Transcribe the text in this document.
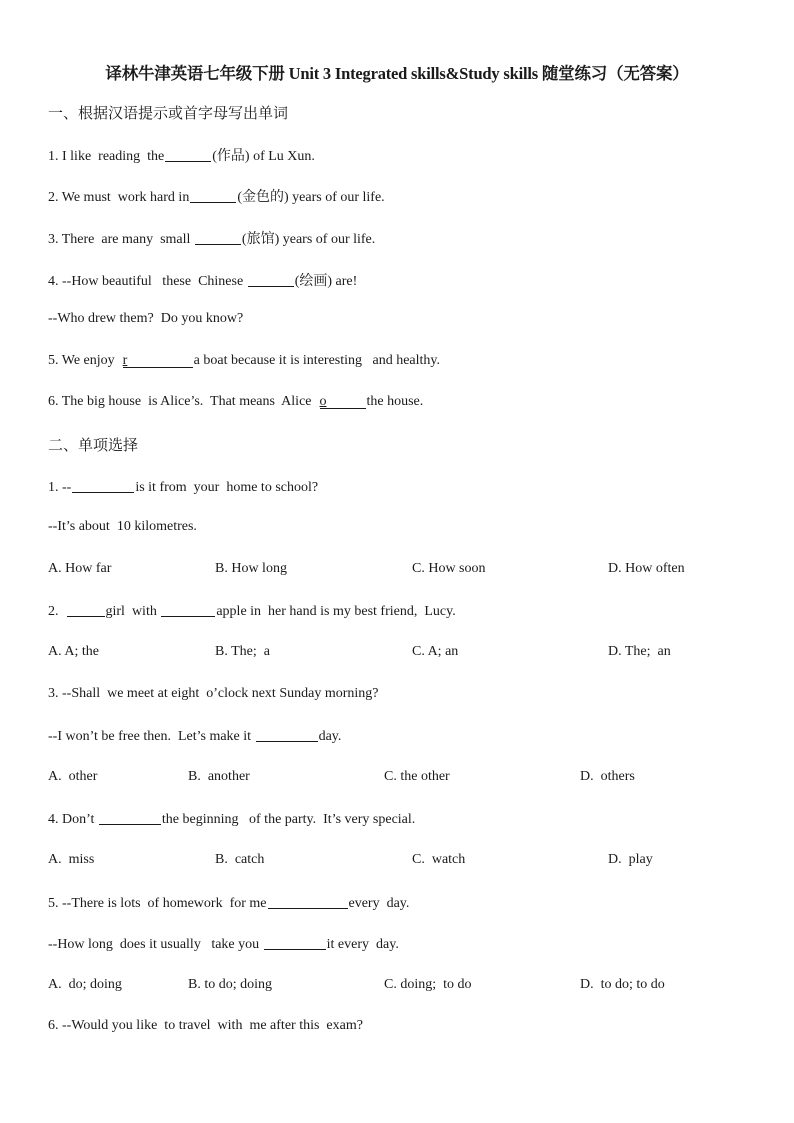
译林牛津英语七年级下册 Unit 3 Integrated skills&Study skills 随堂练习（无答案）
一、根据汉语提示或首字母写出单词
1. I like  reading  the	(作品) of Lu Xun.
2. We must  work hard in	(金色的) years of our life.
3. There  are many  small	(旅馆) years of our life.
4. --How beautiful   these  Chinese	(绘画) are!
--Who drew them?  Do you know?
5. We enjoy  r	a boat because it is interesting   and healthy.
6. The big house  is Alice’s.  That means  Alice  o	the house.
二、单项选择
1. --	is it from  your  home to school?
--It’s about  10 kilometres.
A. How far	B. How long	C. How soon	D. How often
2.	girl  with	apple in  her hand is my best friend,  Lucy.
A. A; the	B. The;  a	C. A; an	D. The;  an
3. --Shall  we meet at eight  o’clock next Sunday morning?
--I won’t be free then.  Let’s make it	day.
A.  other	B.  another	C. the other	D.  others
4. Don’t	the beginning   of the party.  It’s very special.
A.  miss	B.  catch	C.  watch	D.  play
5. --There is lots  of homework  for me	every  day.
--How long  does it usually   take you	it every  day.
A.  do; doing	B. to do; doing	C. doing;  to do	D.  to do; to do
6. --Would you like  to travel  with  me after this  exam?
